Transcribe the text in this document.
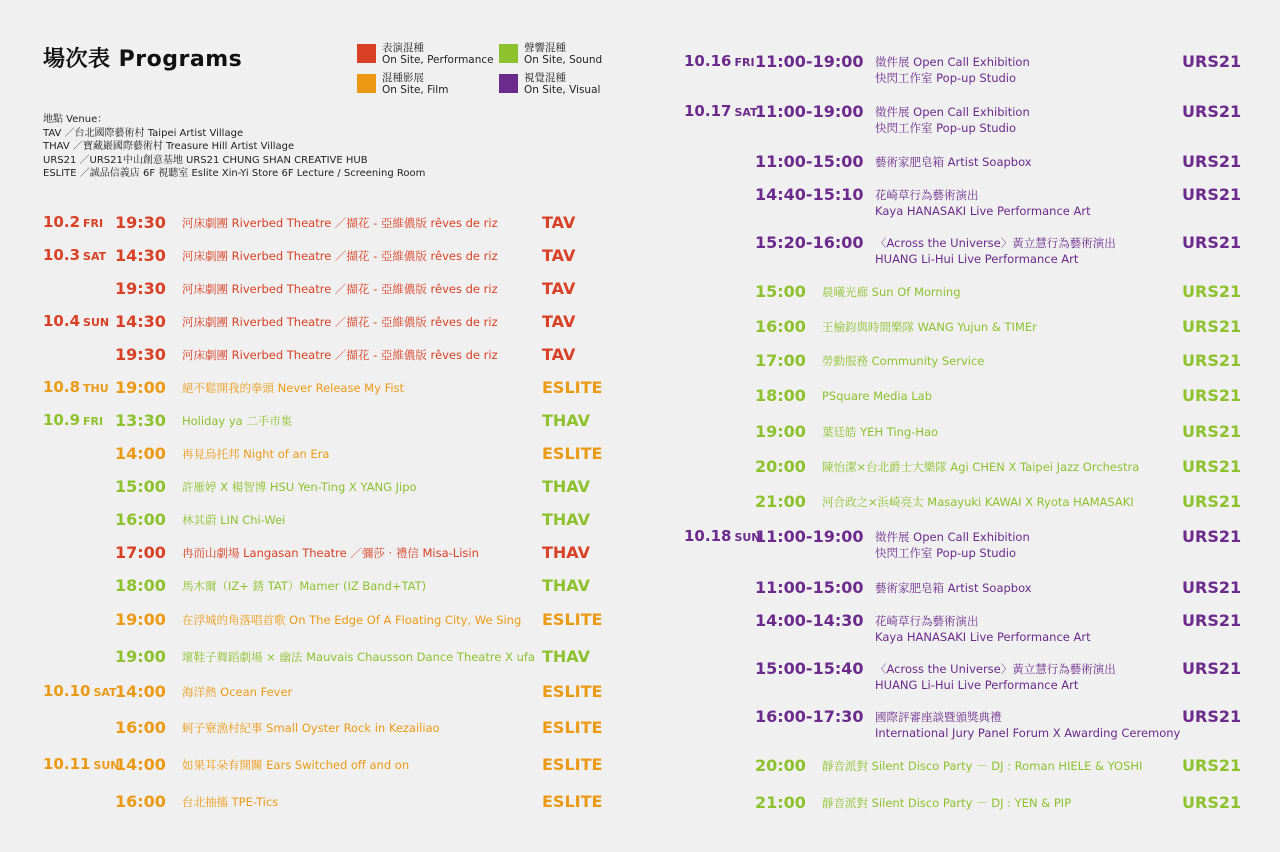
場次表 Programs	表演混種
On Site, Performance
聲響混種
On Site, Sound
混種影展
On Site, Film
視覺混種
On Site, Visual
地點 Venue：
TAV ／台北國際藝術村 Taipei Artist Village
THAV ／寶藏巖國際藝術村 Treasure Hill Artist Village
URS21 ／URS21中山創意基地 URS21 CHUNG SHAN CREATIVE HUB
ESLITE ／誠品信義店 6F 視聽室 Eslite Xin-Yi Store 6F Lecture / Screening Room
10.2 FRI 19:30 河床劇團 Riverbed Theatre ／擷花 - 亞維儂版 rêves de riz	TAV
10.3 SAT 14:30 河床劇團 Riverbed Theatre ／擷花 - 亞維儂版 rêves de riz	TAV
19:30 河床劇團 Riverbed Theatre ／擷花 - 亞維儂版 rêves de riz	TAV
10.4 SUN 14:30 河床劇團 Riverbed Theatre ／擷花 - 亞維儂版 rêves de riz	TAV
19:30 河床劇團 Riverbed Theatre ／擷花 - 亞維儂版 rêves de riz	TAV
10.8 THU 19:00 絕不鬆開我的拳頭 Never Release My Fist	ESLITE
10.9 FRI 13:30 Holiday ya 二手市集	THAV
14:00 再見烏托邦 Night of an Era	ESLITE
15:00 許雁婷 X 楊智博 HSU Yen-Ting X YANG Jipo	THAV
16:00 林其蔚 LIN Chi-Wei	THAV
17:00 冉而山劇場 Langasan Theatre ／彌莎 · 禮信 Misa-Lisin	THAV
18:00 馬木爾（IZ+ 銹 TAT）Mamer (IZ Band+TAT)	THAV
19:00 在浮城的角落唱首歌 On The Edge Of A Floating City, We Sing ESLITE
19:00 壞鞋子舞蹈劇場 × 幽法 Mauvais Chausson Dance Theatre X ufa THAV
10.10 SAT
14:00 海洋熱 Ocean Fever	ESLITE
16:00 蚵子寮漁村紀事 Small Oyster Rock in Kezailiao	ESLITE
10.11 SUN
14:00 如果耳朵有開關 Ears Switched off and on	ESLITE
16:00 台北抽搐 TPE-Tics	ESLITE
10.16 FRI 11:00-19:00 徵件展 Open Call Exhibition
快閃工作室 Pop-up Studio
URS21
10.17 SAT
11:00-19:00 徵件展 Open Call Exhibition
快閃工作室 Pop-up Studio
URS21
11:00-15:00 藝術家肥皂箱 Artist Soapbox	URS21
14:40-15:10 花崎草行為藝術演出
Kaya HANASAKI Live Performance Art
URS21
15:20-16:00 〈Across the Universe〉黃立慧行為藝術演出
HUANG Li-Hui Live Performance Art
URS21
15:00 晨曦光廊 Sun Of Morning	URS21
16:00 王榆鈞與時間樂隊 WANG Yujun & TIMEr	URS21
17:00 勞動服務 Community Service	URS21
18:00 PSquare Media Lab	URS21
19:00 葉廷皓 YEH Ting-Hao	URS21
20:00 陳怡潔×台北爵士大樂隊 Agi CHEN X Taipei Jazz Orchestra	URS21
21:00 河合政之×浜崎亮太 Masayuki KAWAI X Ryota HAMASAKI	URS21
10.18 SUN
11:00-19:00 徵件展 Open Call Exhibition
快閃工作室 Pop-up Studio
URS21
11:00-15:00 藝術家肥皂箱 Artist Soapbox	URS21
14:00-14:30 花崎草行為藝術演出
Kaya HANASAKI Live Performance Art
URS21
15:00-15:40 〈Across the Universe〉黃立慧行為藝術演出
HUANG Li-Hui Live Performance Art
URS21
16:00-17:30 國際評審座談暨頒獎典禮
International Jury Panel Forum X Awarding Ceremony
URS21
20:00 靜音派對 Silent Disco Party － DJ : Roman HIELE & YOSHI URS21
21:00 靜音派對 Silent Disco Party － DJ : YEN & PIP	URS21
